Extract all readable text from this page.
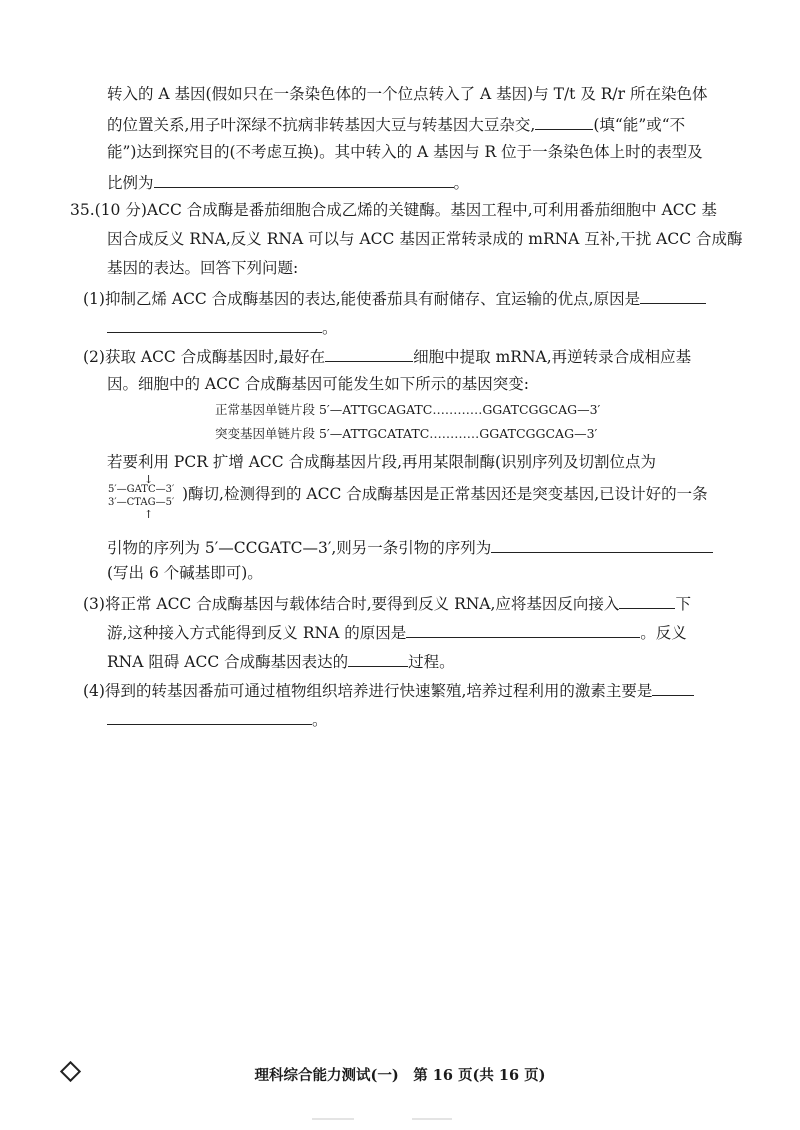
转入的 A 基因(假如只在一条染色体的一个位点转入了 A 基因)与 T/t 及 R/r 所在染色体
的位置关系,用子叶深绿不抗病非转基因大豆与转基因大豆杂交,	(填“能”或“不
能”)达到探究目的(不考虑互换)。其中转入的 A 基因与 R 位于一条染色体上时的表型及
比例为	。
35.(10 分)ACC 合成酶是番茄细胞合成乙烯的关键酶。基因工程中,可利用番茄细胞中 ACC 基
因合成反义 RNA,反义 RNA 可以与 ACC 基因正常转录成的 mRNA 互补,干扰 ACC 合成酶
基因的表达。回答下列问题:
(1)抑制乙烯 ACC 合成酶基因的表达,能使番茄具有耐储存、宜运输的优点,原因是
。
(2)获取 ACC 合成酶基因时,最好在	细胞中提取 mRNA,再逆转录合成相应基
因。细胞中的 ACC 合成酶基因可能发生如下所示的基因突变:
正常基因单链片段 5′—ATTGCAGATC…………GGATCGGCAG—3′
突变基因单链片段 5′—ATTGCATATC…………GGATCGGCAG—3′
若要利用 PCR 扩增 ACC 合成酶基因片段,再用某限制酶(识别序列及切割位点为
↓
5′—GATC—3′
3′—CTAG—5′
↑
)酶切,检测得到的 ACC 合成酶基因是正常基因还是突变基因,已设计好的一条
引物的序列为 5′—CCGATC—3′,则另一条引物的序列为
(写出 6 个碱基即可)。
(3)将正常 ACC 合成酶基因与载体结合时,要得到反义 RNA,应将基因反向接入	下
游,这种接入方式能得到反义 RNA 的原因是	。反义
RNA 阻碍 ACC 合成酶基因表达的	过程。
(4)得到的转基因番茄可通过植物组织培养进行快速繁殖,培养过程利用的激素主要是
。
理科综合能力测试(一)　第 16 页(共 16 页)
